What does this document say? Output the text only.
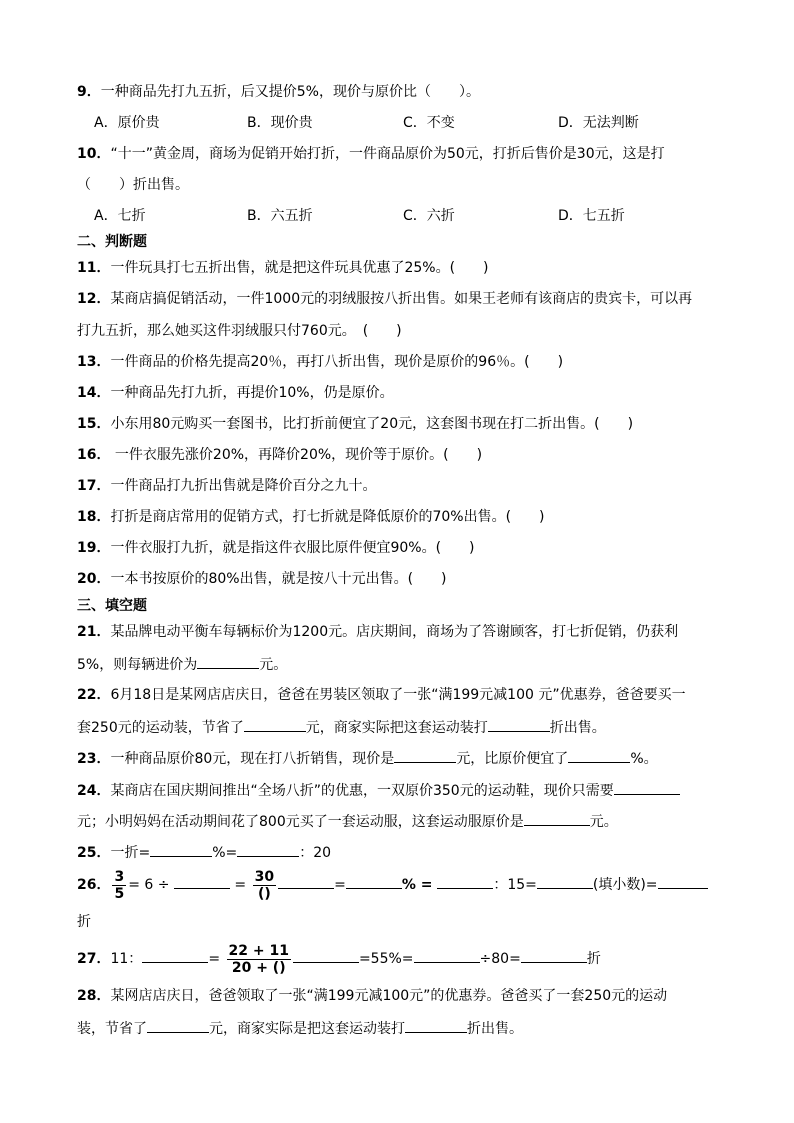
9．一种商品先打九五折，后又提价5%，现价与原价比（　　）。
A．原价贵	B．现价贵	C．不变	D．无法判断
10．“十一”黄金周，商场为促销开始打折，一件商品原价为50元，打折后售价是30元，这是打
（　　）折出售。
A．七折	B．六五折	C．六折	D．七五折
二、判断题
11．一件玩具打七五折出售，就是把这件玩具优惠了25%。(　　)
12．某商店搞促销活动，一件1000元的羽绒服按八折出售。如果王老师有该商店的贵宾卡，可以再
打九五折，那么她买这件羽绒服只付760元。　(　　)
13．一件商品的价格先提高20％，再打八折出售，现价是原价的96％。(　　)
14．一种商品先打九折，再提价10%，仍是原价。
15．小东用80元购买一套图书，比打折前便宜了20元，这套图书现在打二折出售。(　　)
16． 一件衣服先涨价20%，再降价20%，现价等于原价。(　　)
17．一件商品打九折出售就是降价百分之九十。
18．打折是商店常用的促销方式，打七折就是降低原价的70%出售。(　　)
19．一件衣服打九折，就是指这件衣服比原件便宜90%。(　　)
20．一本书按原价的80%出售，就是按八十元出售。(　　)
三、填空题
21．某品牌电动平衡车每辆标价为1200元。店庆期间，商场为了答谢顾客，打七折促销，仍获利
5%，则每辆进价为	元。
22．6月18日是某网店店庆日，爸爸在男装区领取了一张“满199元减100 元”优惠券，爸爸要买一
套250元的运动装，节省了	元，商家实际把这套运动装打	折出售。
23．一种商品原价80元，现在打八折销售，现价是	元，比原价便宜了	%。
24．某商店在国庆期间推出“全场八折”的优惠，一双原价350元的运动鞋，现价只需要
元；小明妈妈在活动期间花了800元买了一套运动服，这套运动服原价是	元。
25．一折=	%=	：20
26． $\frac{3}{5} = 6$ ÷	= $\frac{30}{()}$	=	% =	：15=	(填小数)=
折
27．11：	= $\frac{22 + 11}{20 + ()}$	=55%=	÷80=	折
28．某网店店庆日，爸爸领取了一张“满199元减100元”的优惠券。爸爸买了一套250元的运动
装，节省了	元，商家实际是把这套运动装打	折出售。
